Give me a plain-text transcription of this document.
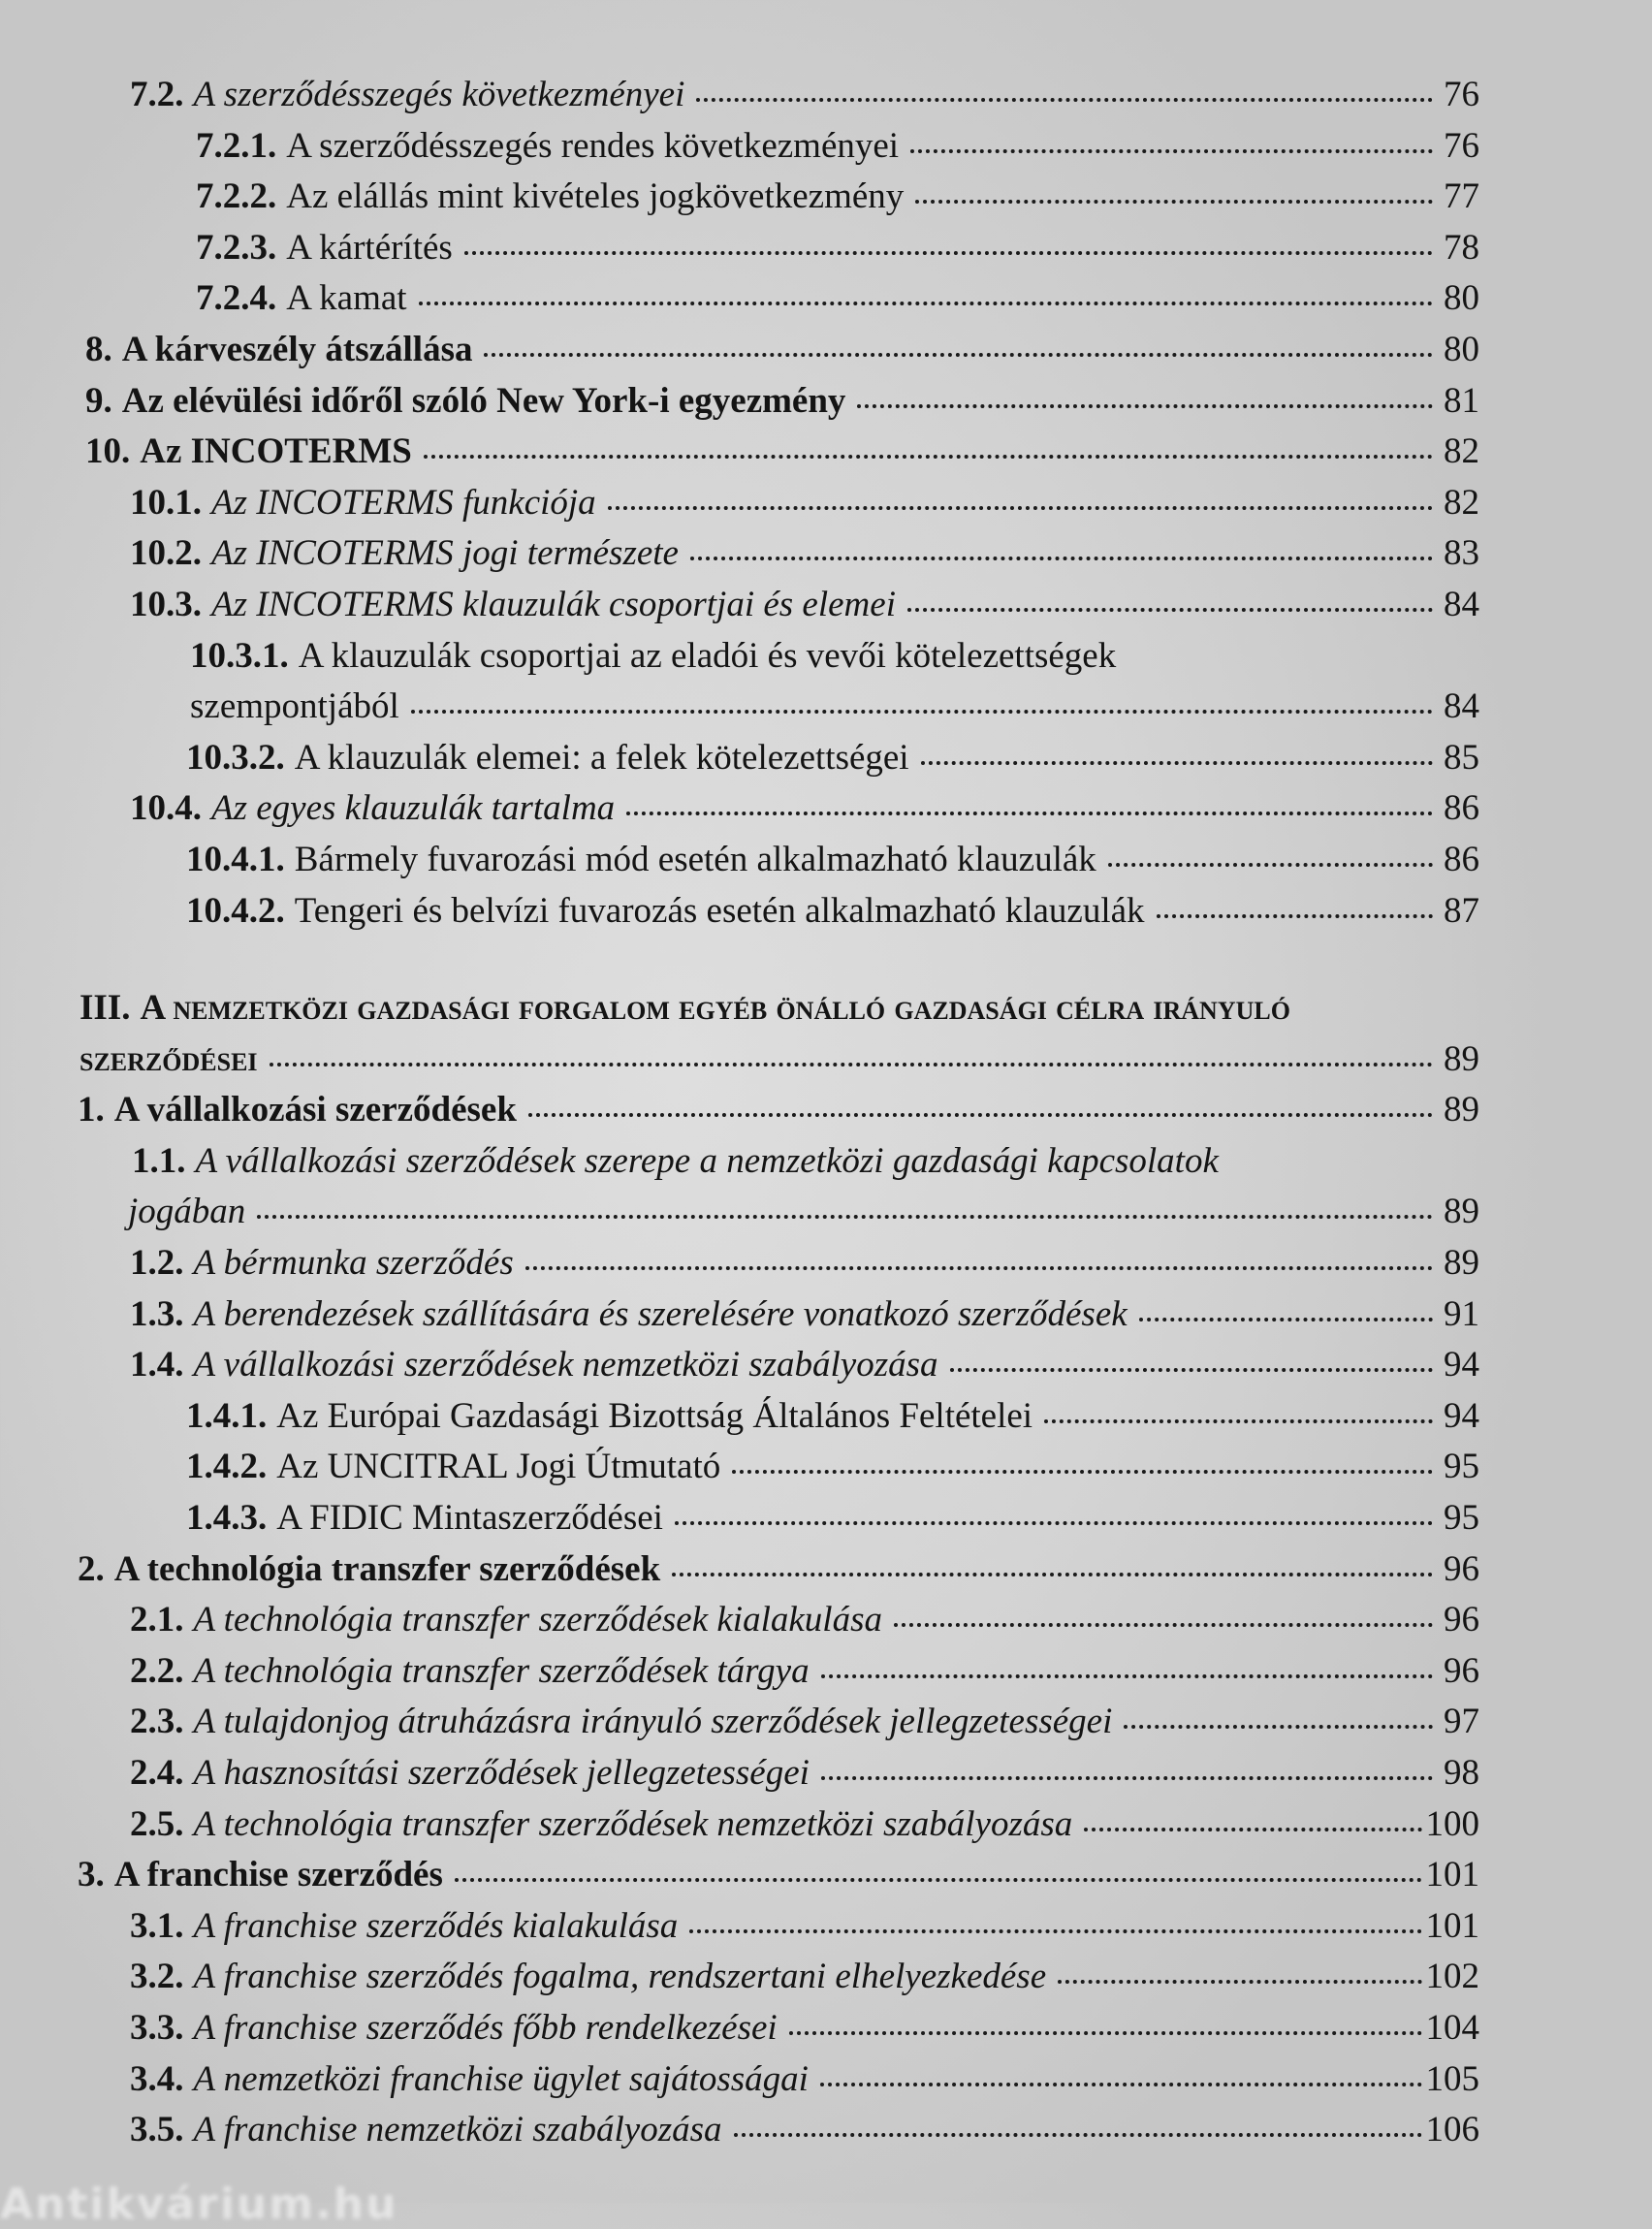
7.2. A szerződésszegés következményei	76
7.2.1. A szerződésszegés rendes következményei	76
7.2.2. Az elállás mint kivételes jogkövetkezmény	77
7.2.3. A kártérítés	78
7.2.4. A kamat	80
8. A kárveszély átszállása	80
9. Az elévülési időről szóló New York-i egyezmény	81
10. Az INCOTERMS	82
10.1. Az INCOTERMS funkciója	82
10.2. Az INCOTERMS jogi természete	83
10.3. Az INCOTERMS klauzulák csoportjai és elemei	84
10.3.1. A klauzulák csoportjai az eladói és vevői kötelezettségek
szempontjából	84
10.3.2. A klauzulák elemei: a felek kötelezettségei	85
10.4. Az egyes klauzulák tartalma	86
10.4.1. Bármely fuvarozási mód esetén alkalmazható klauzulák	86
10.4.2. Tengeri és belvízi fuvarozás esetén alkalmazható klauzulák	87
III. A nemzetközi gazdasági forgalom egyéb önálló gazdasági célra irányuló
szerződései	89
1. A vállalkozási szerződések	89
1.1. A vállalkozási szerződések szerepe a nemzetközi gazdasági kapcsolatok
jogában	89
1.2. A bérmunka szerződés	89
1.3. A berendezések szállítására és szerelésére vonatkozó szerződések	91
1.4. A vállalkozási szerződések nemzetközi szabályozása	94
1.4.1. Az Európai Gazdasági Bizottság Általános Feltételei	94
1.4.2. Az UNCITRAL Jogi Útmutató	95
1.4.3. A FIDIC Mintaszerződései	95
2. A technológia transzfer szerződések	96
2.1. A technológia transzfer szerződések kialakulása	96
2.2. A technológia transzfer szerződések tárgya	96
2.3. A tulajdonjog átruházásra irányuló szerződések jellegzetességei	97
2.4. A hasznosítási szerződések jellegzetességei	98
2.5. A technológia transzfer szerződések nemzetközi szabályozása	100
3. A franchise szerződés	101
3.1. A franchise szerződés kialakulása	101
3.2. A franchise szerződés fogalma, rendszertani elhelyezkedése	102
3.3. A franchise szerződés főbb rendelkezései	104
3.4. A nemzetközi franchise ügylet sajátosságai	105
3.5. A franchise nemzetközi szabályozása	106
Antikvárium.hu
